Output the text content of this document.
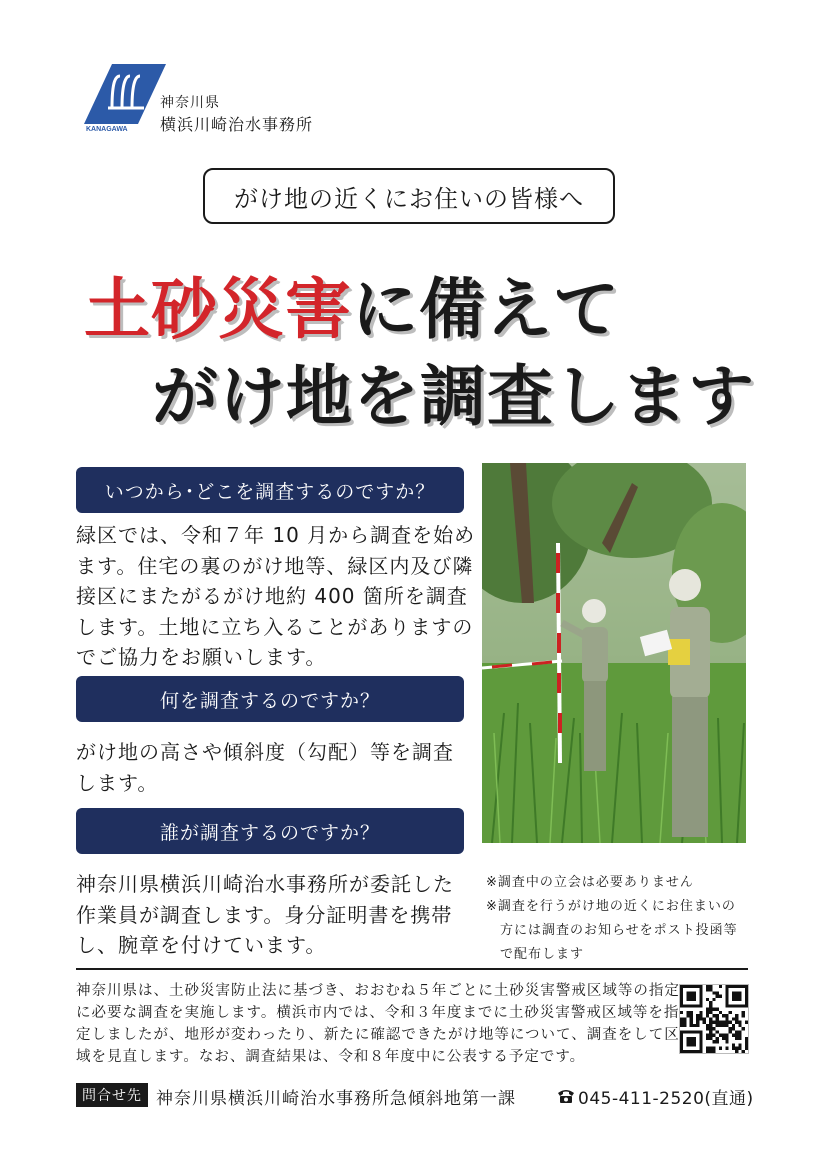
KANAGAWA
神奈川県
横浜川崎治水事務所
がけ地の近くにお住いの皆様へ
土砂災害に備えて
がけ地を調査します
いつから･どこを調査するのですか？
緑区では、令和７年 10 月から調査を始め
ます。住宅の裏のがけ地等、緑区内及び隣
接区にまたがるがけ地約 400 箇所を調査
します。土地に立ち入ることがありますの
でご協力をお願いします。
何を調査するのですか？
がけ地の高さや傾斜度（勾配）等を調査
します。
誰が調査するのですか？
神奈川県横浜川崎治水事務所が委託した
作業員が調査します。身分証明書を携帯
し、腕章を付けています。
※調査中の立会は必要ありません
※調査を行うがけ地の近くにお住まいの
方には調査のお知らせをポスト投函等
で配布します
神奈川県は、土砂災害防止法に基づき、おおむね５年ごとに土砂災害警戒区域等の指定
に必要な調査を実施します。横浜市内では、令和３年度までに土砂災害警戒区域等を指
定しましたが、地形が変わったり、新たに確認できたがけ地等について、調査をして区
域を見直します。なお、調査結果は、令和８年度中に公表する予定です。
問合せ先 神奈川県横浜川崎治水事務所急傾斜地第一課	045-411-2520(直通)
